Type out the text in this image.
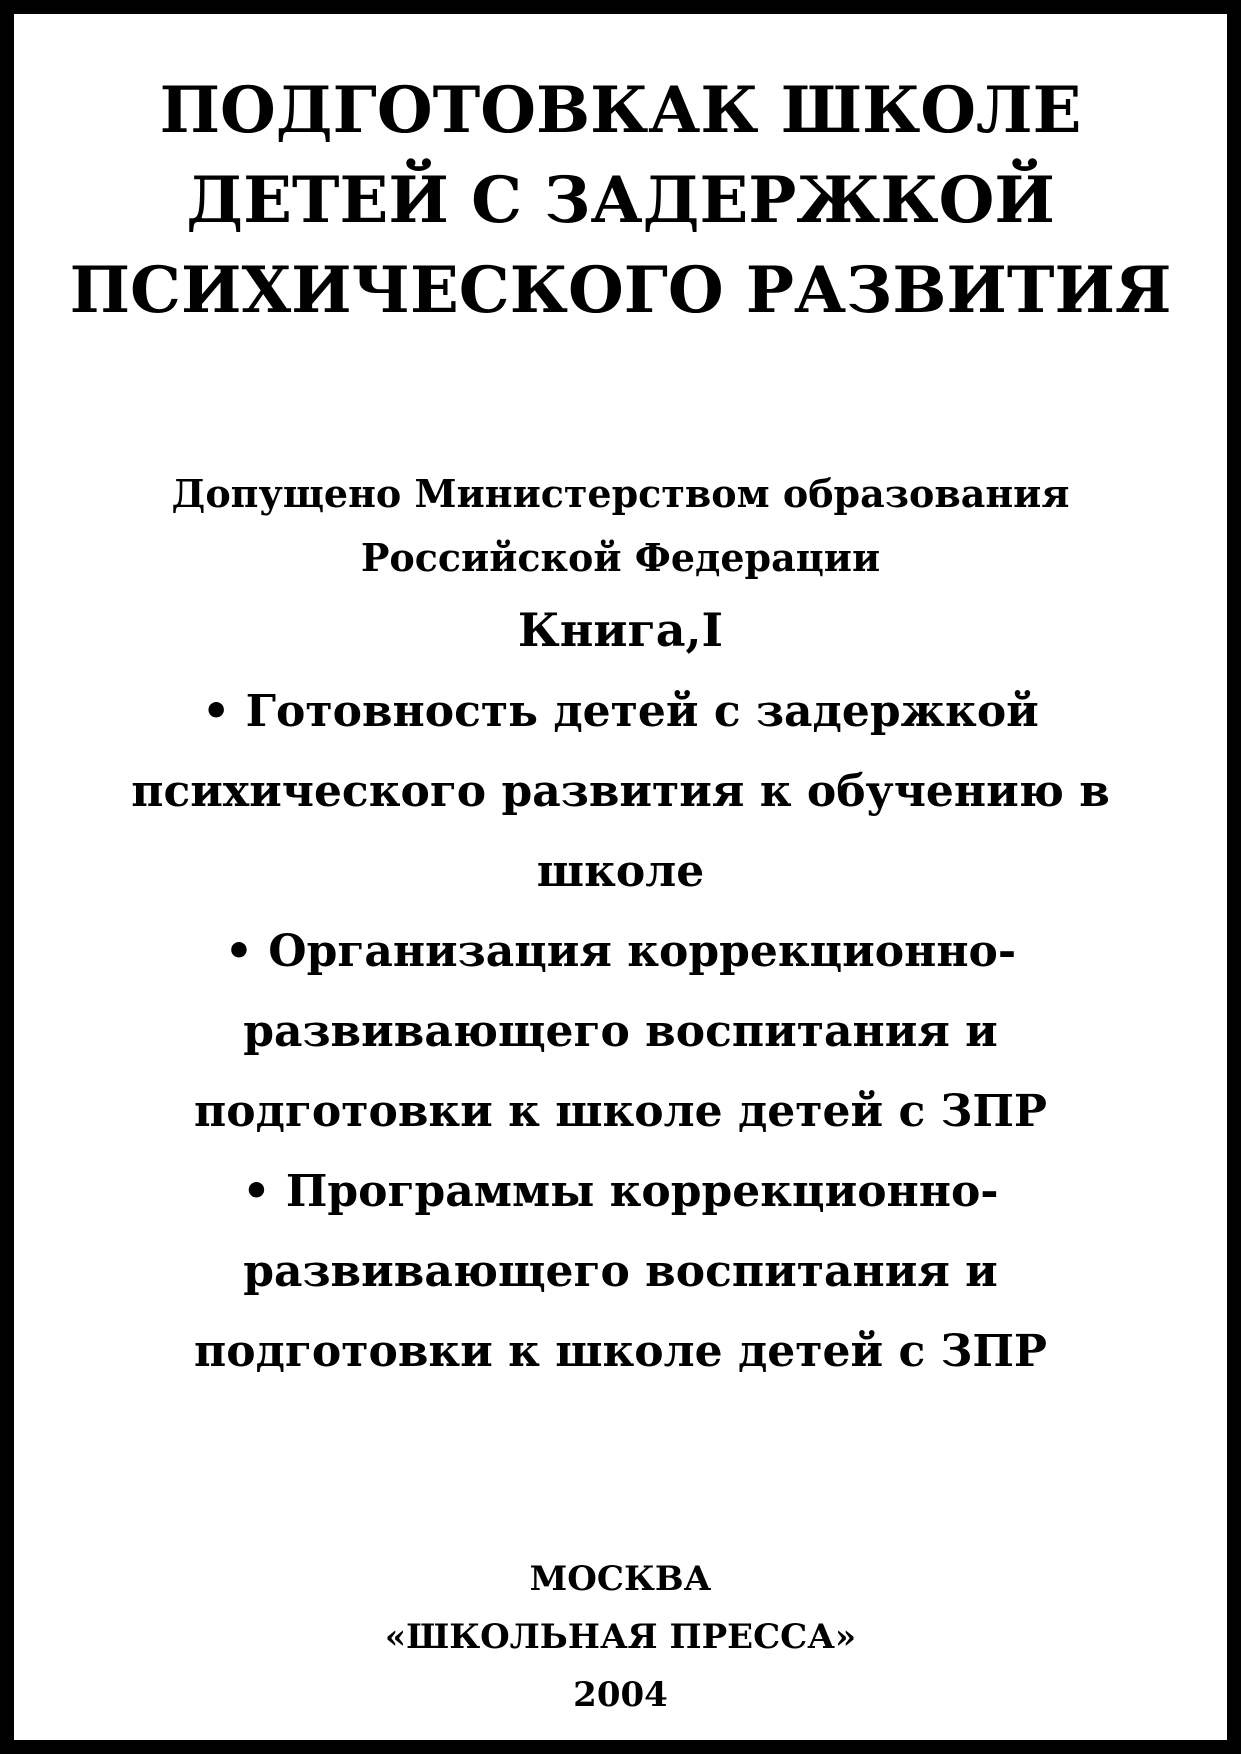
ПОДГОТОВКАК ШКОЛЕ
ДЕТЕЙ С ЗАДЕРЖКОЙ
ПСИХИЧЕСКОГО РАЗВИТИЯ
Допущено Министерством образования
Российской Федерации
Книга,I
• Готовность детей с задержкой
психического развития к обучению в
школе
• Организация коррекционно-
развивающего воспитания и
подготовки к школе детей с ЗПР
• Программы коррекционно-
развивающего воспитания и
подготовки к школе детей с ЗПР
МОСКВА
«ШКОЛЬНАЯ ПРЕССА»
2004
